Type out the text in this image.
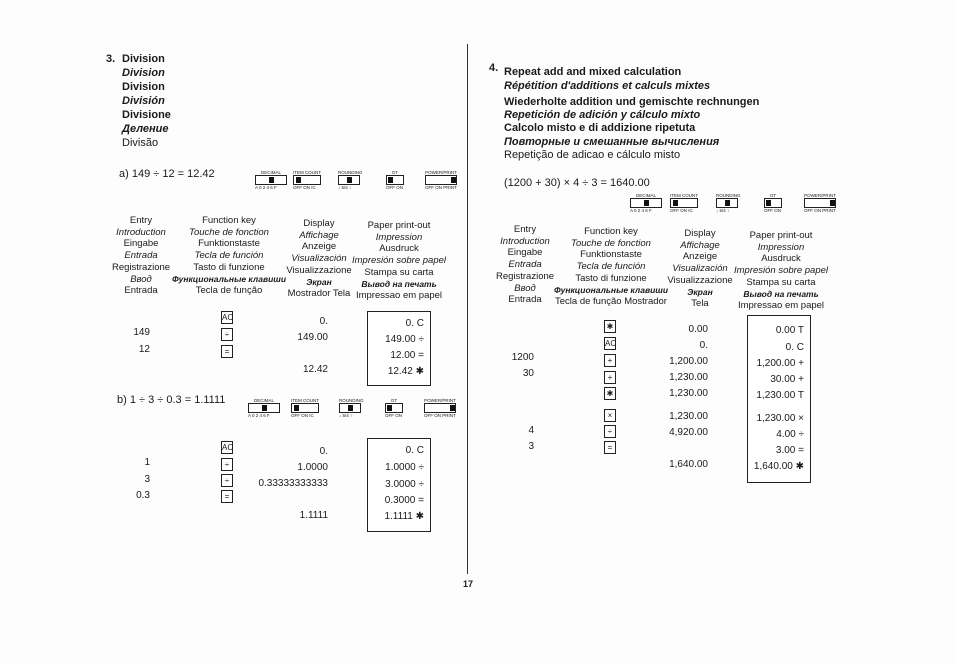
3. Division
Division
Division
División
Divisione
Деление
Divisão
a) 149 ÷ 12 = 12.42	DECIMAL
A 0 2 4 6 F
ITEM COUNT
OFF ON IC
ROUNDING
↓ 5/4 ↑
GT
OFF ON
POWER/PRINT
OFF ON PRINT
Entry
Introduction
Eingabe
Entrada
Registrazione
Ввод
Entrada
Function key
Touche de fonction
Funktionstaste
Tecla de función
Tasto di funzione
Функциональные клавиши
Tecla de função
Display
Affichage
Anzeige
Visualización
Visualizzazione
Экран
Mostrador Tela
Paper print-out
Impression
Ausdruck
Impresión sobre papel
Stampa su carta
Вывод на печать
Impressao em papel
149
12
AC
÷
=
0.
149.00
12.42
0. C
149.00 ÷
12.00 =
12.42 ✱
b) 1 ÷ 3 ÷ 0.3 = 1.1111	DECIMAL
A 0 2 4 6 F
ITEM COUNT
OFF ON IC
ROUNDING
↓ 5/4 ↑
GT
OFF ON
POWER/PRINT
OFF ON PRINT
1
3
0.3
AC
÷
÷
=
0.
1.0000
0.33333333333
1.1111
0. C
1.0000 ÷
3.0000 ÷
0.3000 =
1.1111 ✱
4. Repeat add and mixed calculation
Répétition d'additions et calculs mixtes
Wiederholte addition und gemischte rechnungen
Repetición de adición y cálculo mixto
Calcolo misto e di addizione ripetuta
Повторные и смешанные вычисления
Repetição de adicao e cálculo misto
(1200 + 30) × 4 ÷ 3 = 1640.00
DECIMAL
A 0 2 4 6 F
ITEM COUNT
OFF ON IC
ROUNDING
↓ 5/4 ↑
GT
OFF ON
POWER/PRINT
OFF ON PRINT
Entry
Introduction
Eingabe
Entrada
Registrazione
Ввод
Entrada
Function key
Touche de fonction
Funktionstaste
Tecla de función
Tasto di funzione
Функциональные клавиши
Tecla de função Mostrador
Display
Affichage
Anzeige
Visualización
Visualizzazione
Экран
Tela
Paper print-out
Impression
Ausdruck
Impresión sobre papel
Stampa su carta
Вывод на печать
Impressao em papel
1200
30
4
3
✱
AC
+
+
✱
×
÷
=
0.00
0.
1,200.00
1,230.00
1,230.00
1,230.00
4,920.00
1,640.00
0.00 T
0. C
1,200.00 +
30.00 +
1,230.00 T
1,230.00 ×
4.00 ÷
3.00 =
1,640.00 ✱
17
